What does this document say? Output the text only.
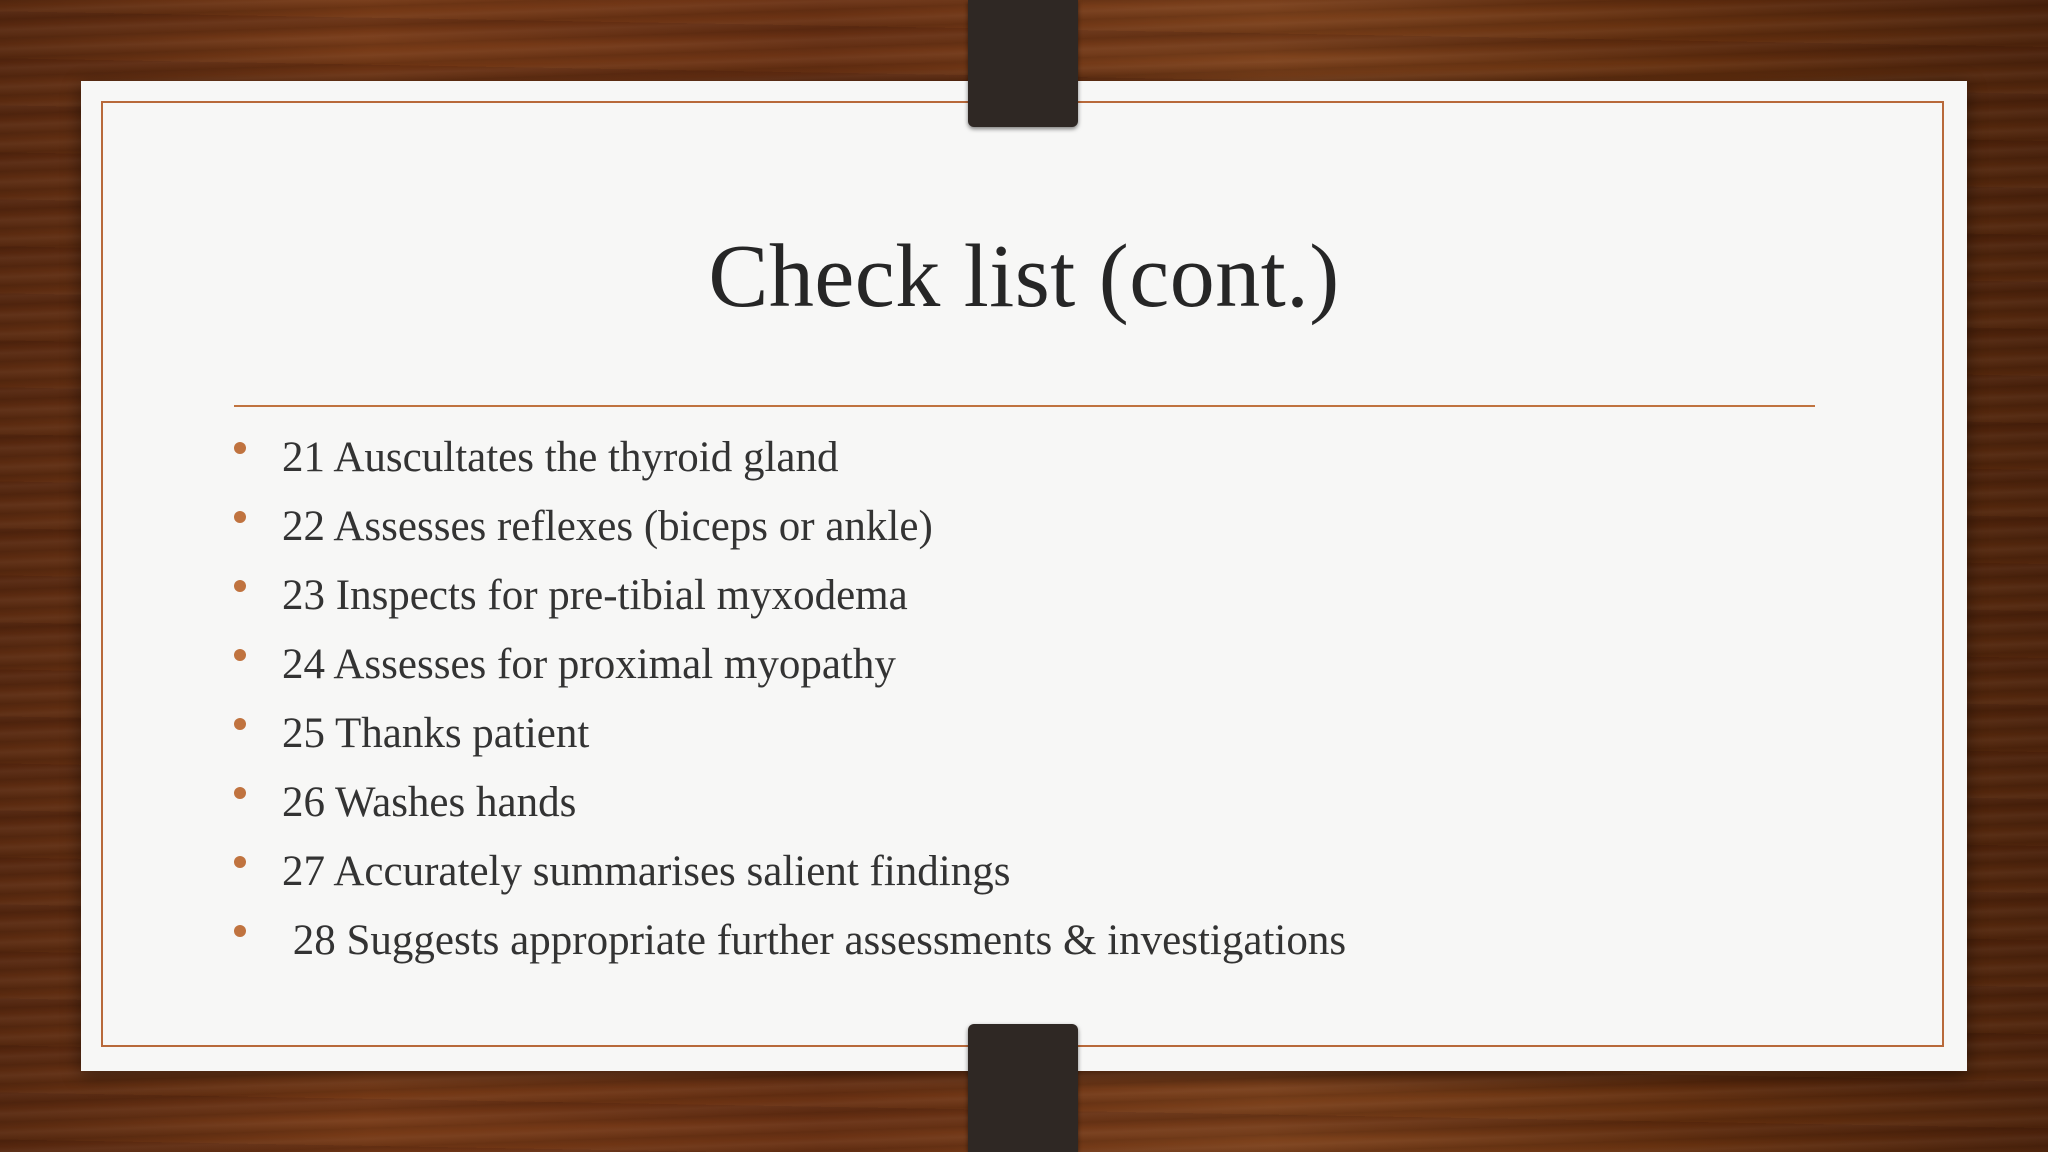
Check list (cont.)
21 Auscultates the thyroid gland
22 Assesses reflexes (biceps or ankle)
23 Inspects for pre-tibial myxodema
24 Assesses for proximal myopathy
25 Thanks patient
26 Washes hands
27 Accurately summarises salient findings
28 Suggests appropriate further assessments & investigations
